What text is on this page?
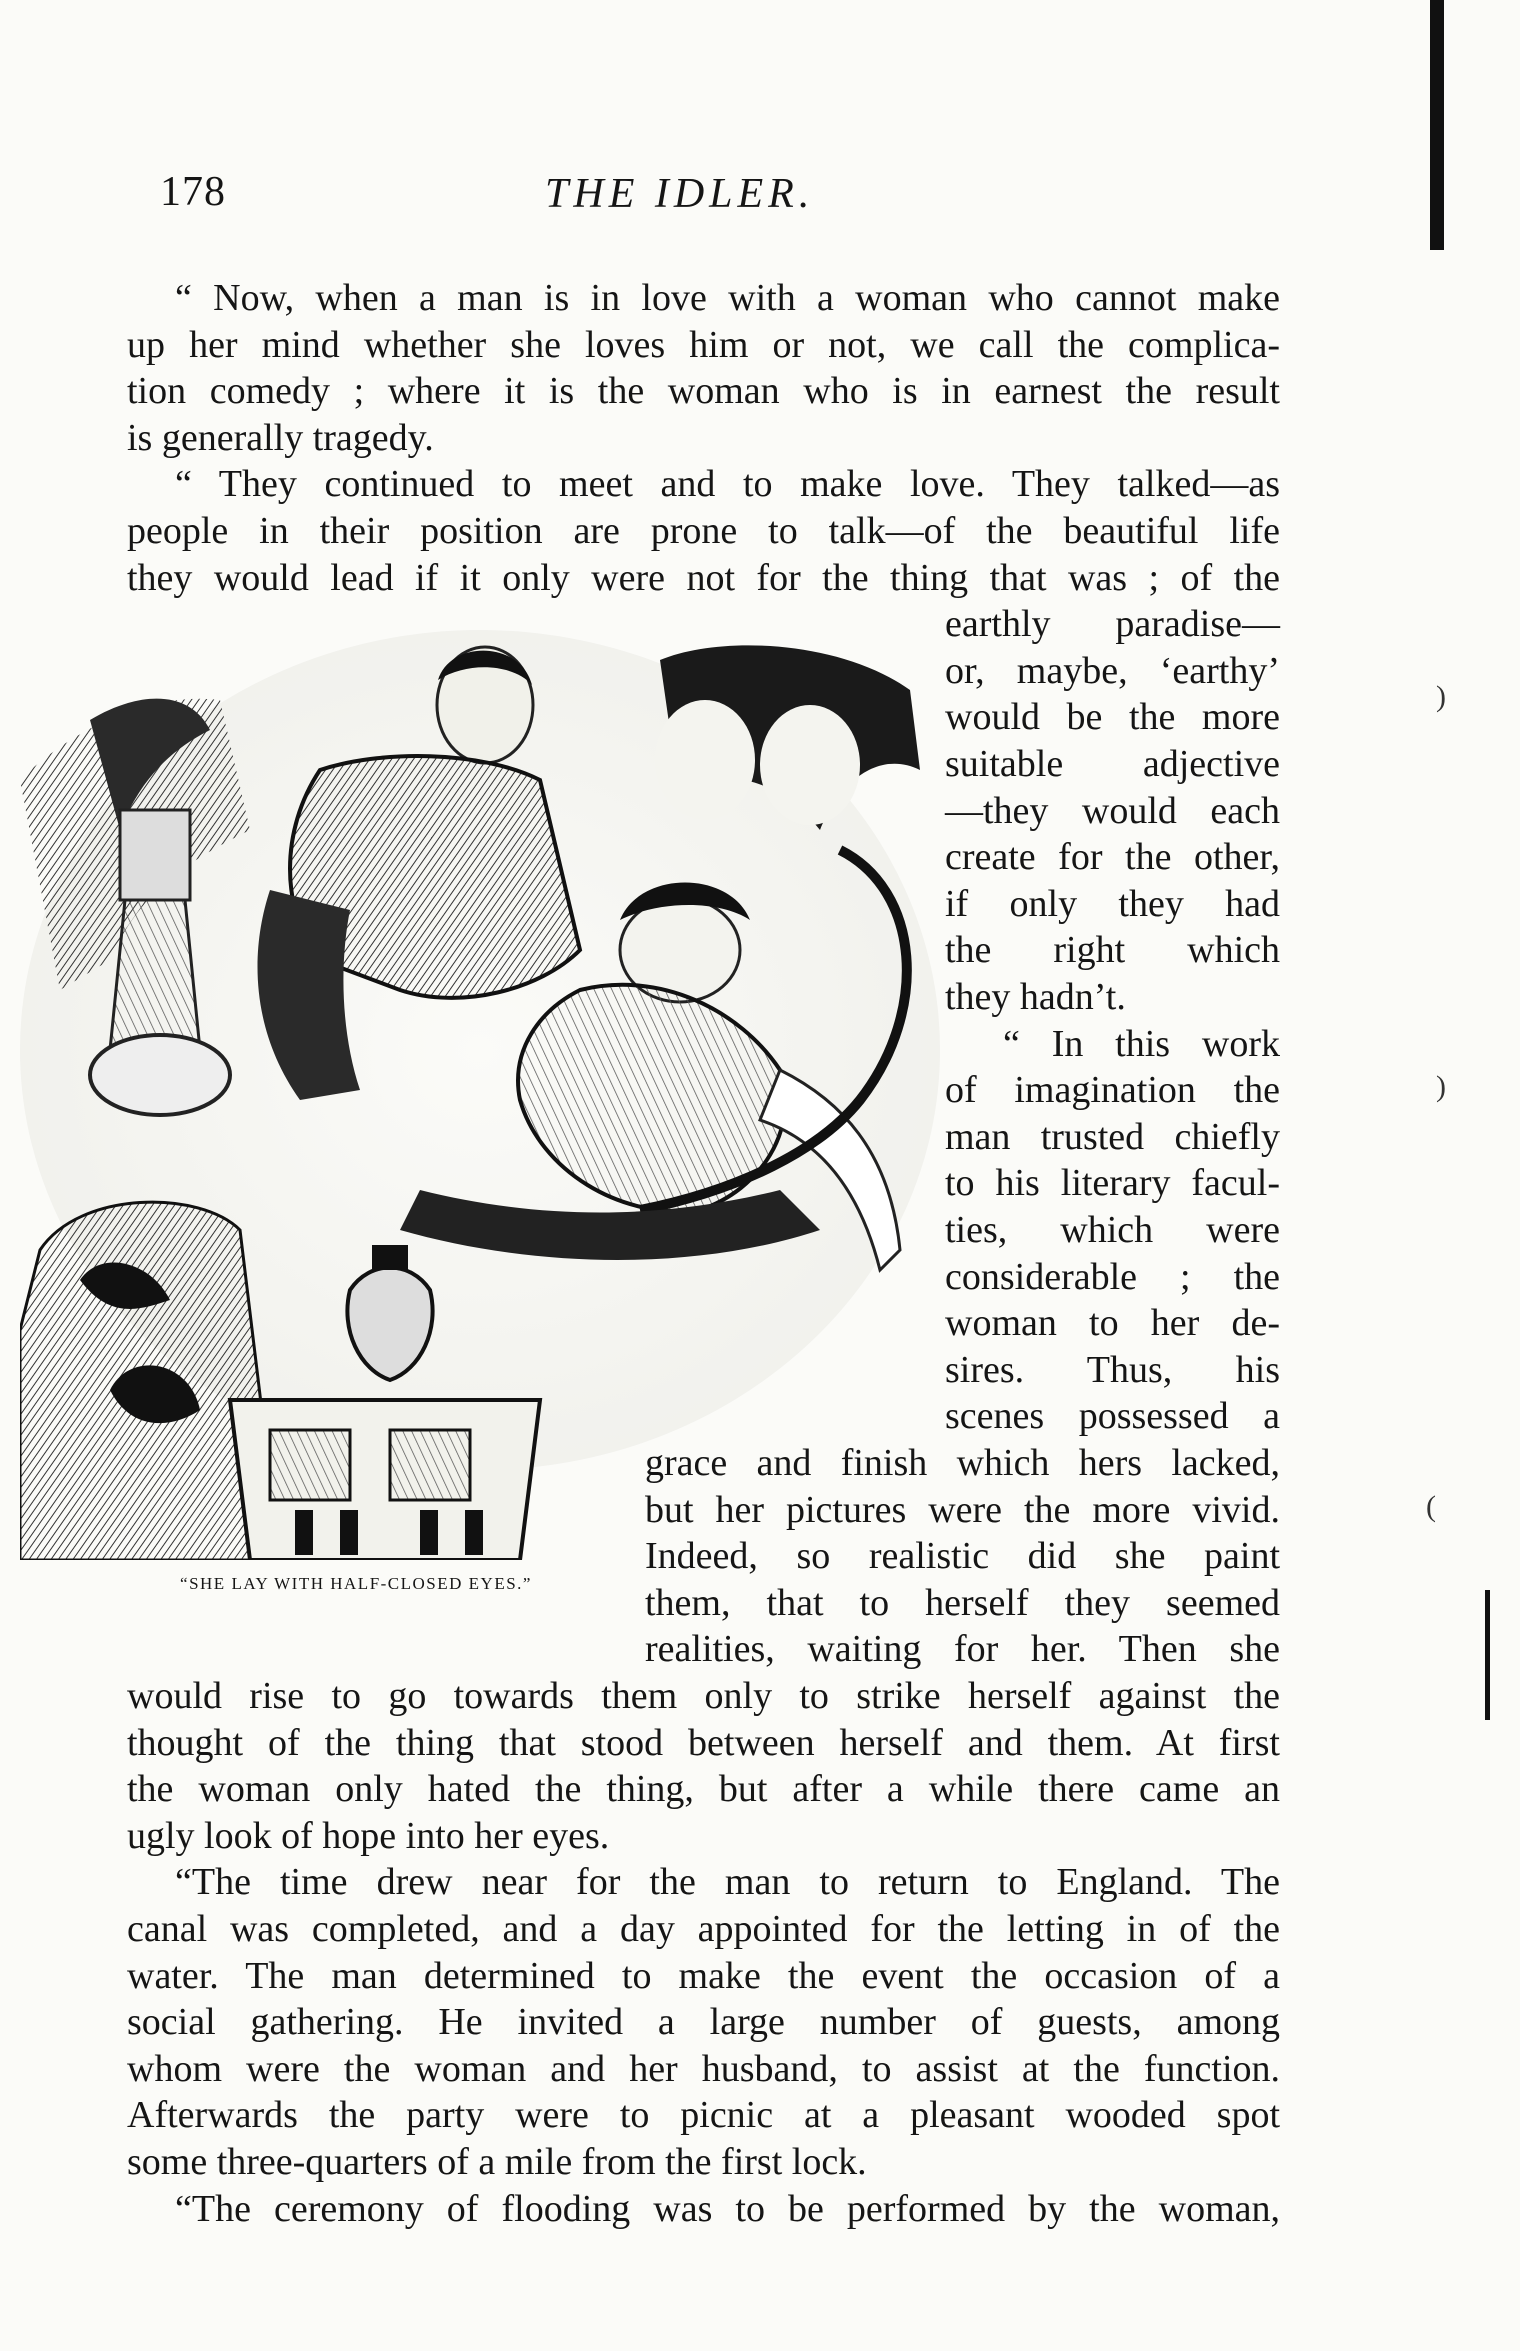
178	THE IDLER.
“SHE LAY WITH HALF-CLOSED EYES.”
“ Now, when a man is in love with a woman who cannot make
up her mind whether she loves him or not, we call the complica-
tion comedy ; where it is the woman who is in earnest the result
is generally tragedy.
“ They continued to meet and to make love. They talked—as
people in their position are prone to talk—of the beautiful life
they would lead if it only were not for the thing that was ; of the
earthly paradise—
or, maybe, ‘earthy’
would be the more
suitable adjective
—they would each
create for the other,
if only they had
the right which
they hadn’t.
“ In this work
of imagination the
man trusted chiefly
to his literary facul-
ties, which were
considerable ; the
woman to her de-
sires. Thus, his
scenes possessed a
grace and finish which hers lacked,
but her pictures were the more vivid.
Indeed, so realistic did she paint
them, that to herself they seemed
realities, waiting for her. Then she
would rise to go towards them only to strike herself against the
thought of the thing that stood between herself and them. At first
the woman only hated the thing, but after a while there came an
ugly look of hope into her eyes.
“The time drew near for the man to return to England. The
canal was completed, and a day appointed for the letting in of the
water. The man determined to make the event the occasion of a
social gathering. He invited a large number of guests, among
whom were the woman and her husband, to assist at the function.
Afterwards the party were to picnic at a pleasant wooded spot
some three-quarters of a mile from the first lock.
“The ceremony of flooding was to be performed by the woman,
)
)
(
